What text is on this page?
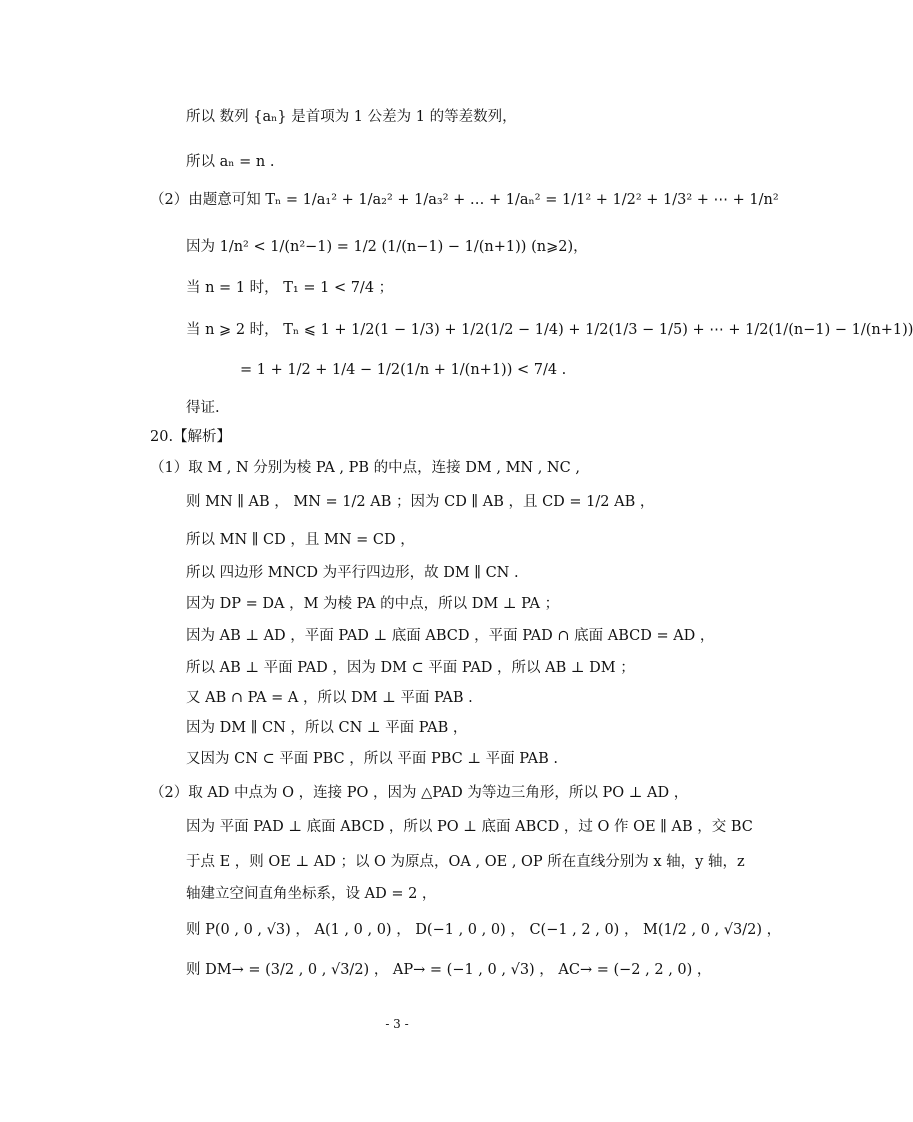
所以 数列 {aₙ} 是首项为 1 公差为 1 的等差数列，
所以 aₙ = n .
（2）由题意可知 Tₙ = 1/a₁² + 1/a₂² + 1/a₃² + … + 1/aₙ² = 1/1² + 1/2² + 1/3² + ⋯ + 1/n²
因为 1/n² < 1/(n²−1) = 1/2 (1/(n−1) − 1/(n+1)) (n⩾2)，
当 n = 1 时， T₁ = 1 < 7/4 ；
当 n ⩾ 2 时， Tₙ ⩽ 1 + 1/2(1 − 1/3) + 1/2(1/2 − 1/4) + 1/2(1/3 − 1/5) + ⋯ + 1/2(1/(n−1) − 1/(n+1))
= 1 + 1/2 + 1/4 − 1/2(1/n + 1/(n+1)) < 7/4 .
得证.
20.【解析】
（1）取 M , N 分别为棱 PA , PB 的中点，连接 DM , MN , NC ,
则 MN ∥ AB ， MN = 1/2 AB ；因为 CD ∥ AB ，且 CD = 1/2 AB ，
所以 MN ∥ CD ，且 MN = CD ，
所以 四边形 MNCD 为平行四边形，故 DM ∥ CN .
因为 DP = DA ，M 为棱 PA 的中点，所以 DM ⊥ PA ；
因为 AB ⊥ AD ，平面 PAD ⊥ 底面 ABCD ，平面 PAD ∩ 底面 ABCD = AD ，
所以 AB ⊥ 平面 PAD ，因为 DM ⊂ 平面 PAD ，所以 AB ⊥ DM ；
又 AB ∩ PA = A ，所以 DM ⊥ 平面 PAB .
因为 DM ∥ CN ，所以 CN ⊥ 平面 PAB ，
又因为 CN ⊂ 平面 PBC ，所以 平面 PBC ⊥ 平面 PAB .
（2）取 AD 中点为 O ，连接 PO ，因为 △PAD 为等边三角形，所以 PO ⊥ AD ，
因为 平面 PAD ⊥ 底面 ABCD ，所以 PO ⊥ 底面 ABCD ，过 O 作 OE ∥ AB ，交 BC
于点 E ，则 OE ⊥ AD ；以 O 为原点，OA , OE , OP 所在直线分别为 x 轴，y 轴，z
轴建立空间直角坐标系，设 AD = 2 ，
则 P(0 , 0 , √3) ， A(1 , 0 , 0) ， D(−1 , 0 , 0) ， C(−1 , 2 , 0) ， M(1/2 , 0 , √3/2) ，
则 DM→ = (3/2 , 0 , √3/2) ， AP→ = (−1 , 0 , √3) ， AC→ = (−2 , 2 , 0) ，
- 3 -
